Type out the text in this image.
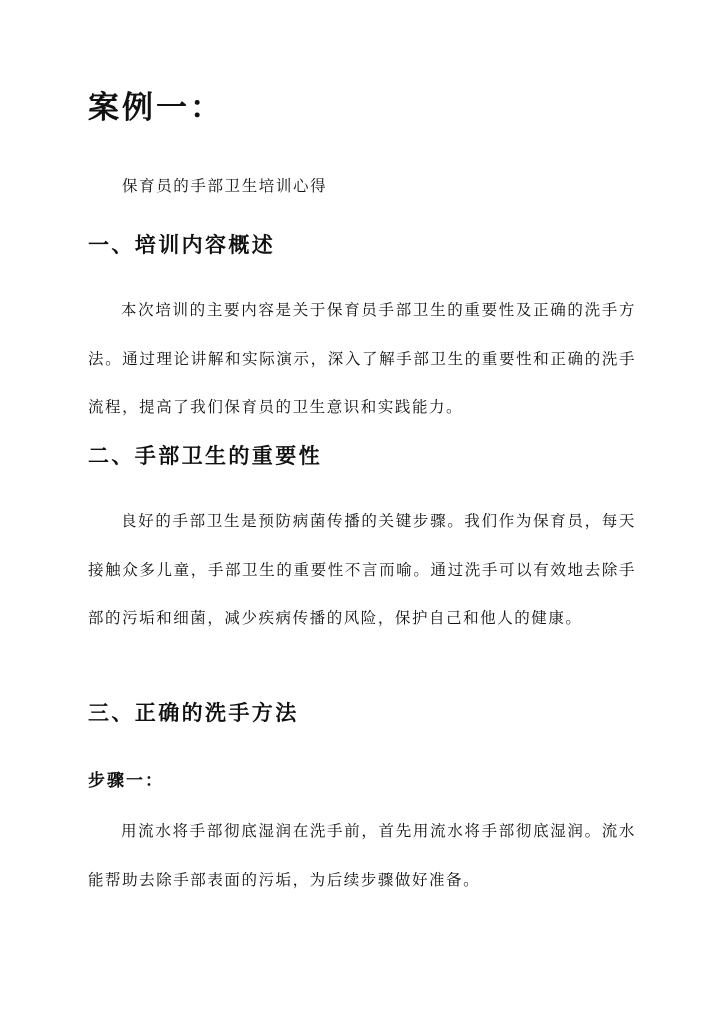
案例一：

保育员的手部卫生培训心得

一、培训内容概述

本次培训的主要内容是关于保育员手部卫生的重要性及正确的洗手方法。通过理论讲解和实际演示，深入了解手部卫生的重要性和正确的洗手流程，提高了我们保育员的卫生意识和实践能力。

二、手部卫生的重要性

良好的手部卫生是预防病菌传播的关键步骤。我们作为保育员，每天接触众多儿童，手部卫生的重要性不言而喻。通过洗手可以有效地去除手部的污垢和细菌，减少疾病传播的风险，保护自己和他人的健康。

三、正确的洗手方法
步骤一：

用流水将手部彻底湿润在洗手前，首先用流水将手部彻底湿润。流水能帮助去除手部表面的污垢，为后续步骤做好准备。
